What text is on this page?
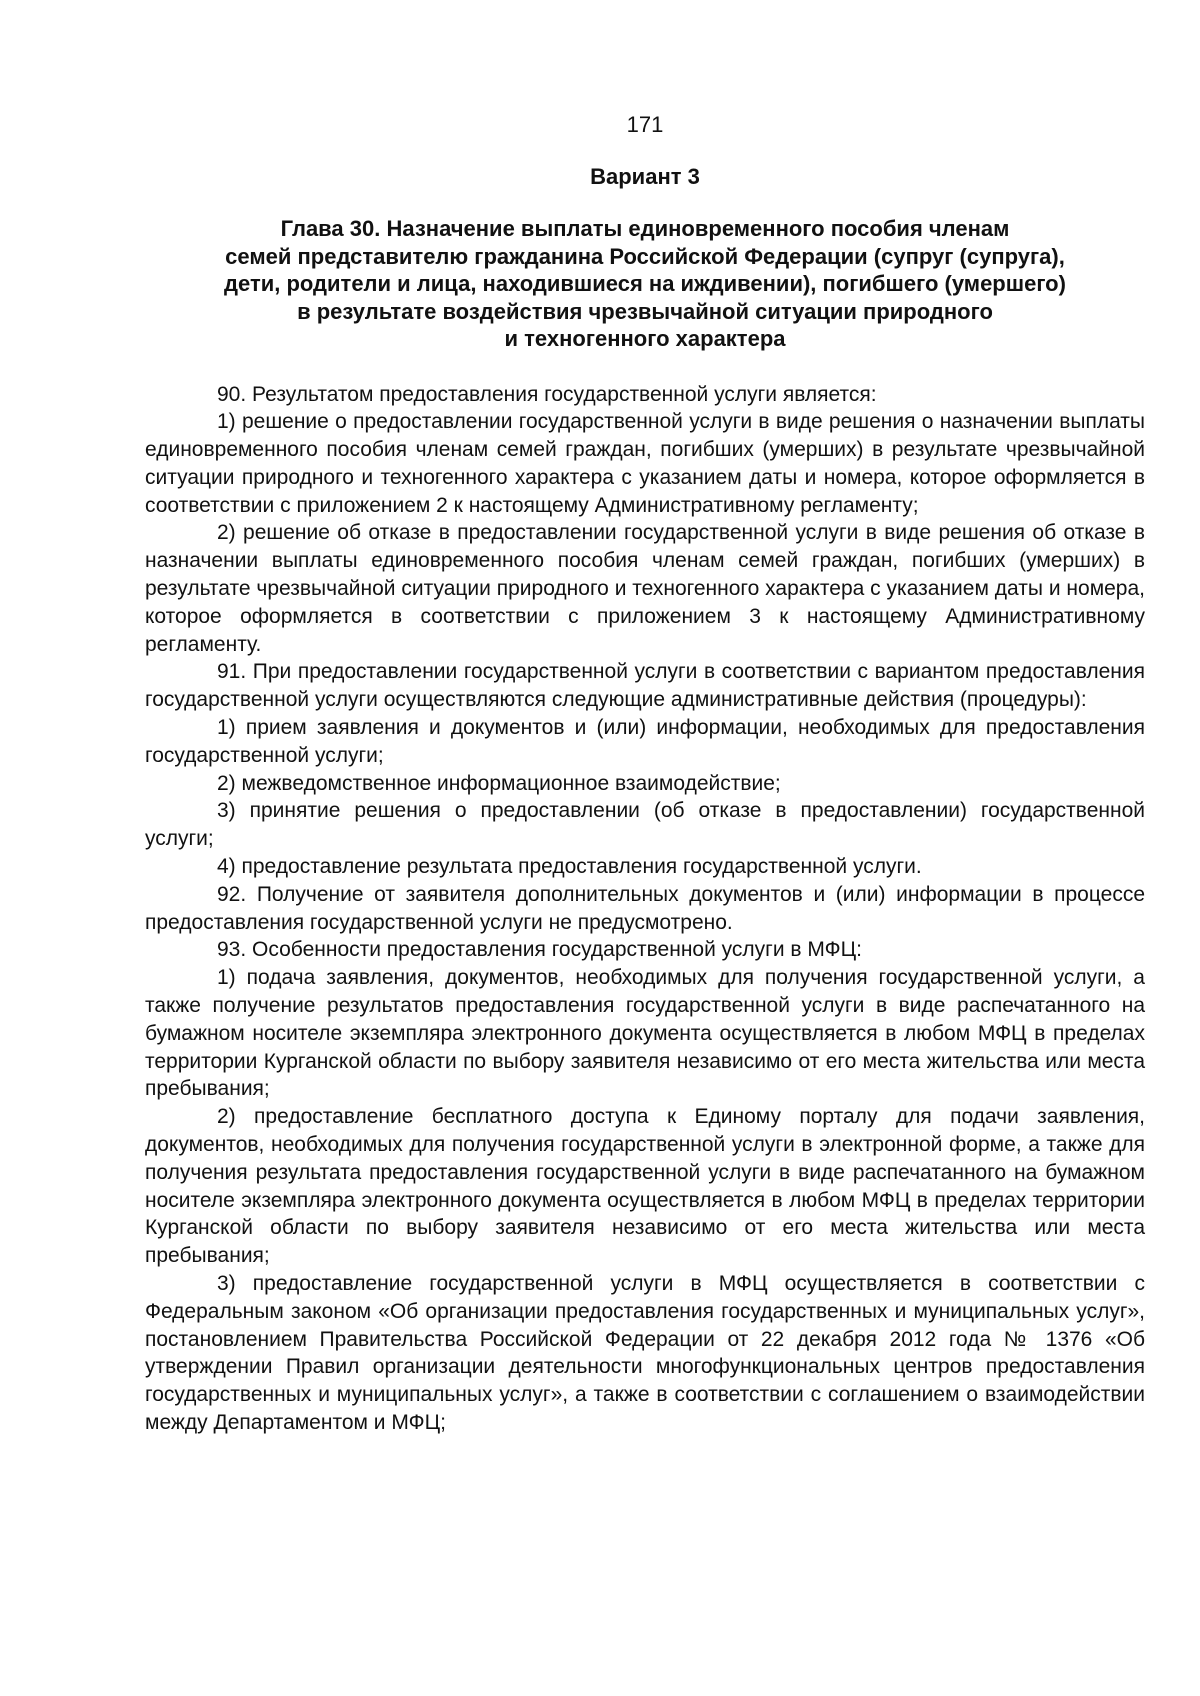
171
Вариант 3
Глава 30. Назначение выплаты единовременного пособия членам
семей представителю гражданина Российской Федерации (супруг (супруга),
дети, родители и лица, находившиеся на иждивении), погибшего (умершего)
в результате воздействия чрезвычайной ситуации природного
и техногенного характера

90. Результатом предоставления государственной услуги является:

1) решение о предоставлении государственной услуги в виде решения о назначении выплаты единовременного пособия членам семей граждан, погибших (умерших) в результате чрезвычайной ситуации природного и техногенного характера с указанием даты и номера, которое оформляется в соответствии с приложением 2 к настоящему Административному регламенту;

2) решение об отказе в предоставлении государственной услуги в виде решения об отказе в назначении выплаты единовременного пособия членам семей граждан, погибших (умерших) в результате чрезвычайной ситуации природного и техногенного характера с указанием даты и номера, которое оформляется в соответствии с приложением 3 к настоящему Административному регламенту.

91. При предоставлении государственной услуги в соответствии с вариантом предоставления государственной услуги осуществляются следующие административные действия (процедуры):

1) прием заявления и документов и (или) информации, необходимых для предоставления государственной услуги;

2) межведомственное информационное взаимодействие;

3) принятие решения о предоставлении (об отказе в предоставлении) государственной услуги;

4) предоставление результата предоставления государственной услуги.

92. Получение от заявителя дополнительных документов и (или) информации в процессе предоставления государственной услуги не предусмотрено.

93. Особенности предоставления государственной услуги в МФЦ:

1) подача заявления, документов, необходимых для получения государственной услуги, а также получение результатов предоставления государственной услуги в виде распечатанного на бумажном носителе экземпляра электронного документа осуществляется в любом МФЦ в пределах территории Курганской области по выбору заявителя независимо от его места жительства или места пребывания;

2) предоставление бесплатного доступа к Единому порталу для подачи заявления, документов, необходимых для получения государственной услуги в электронной форме, а также для получения результата предоставления государственной услуги в виде распечатанного на бумажном носителе экземпляра электронного документа осуществляется в любом МФЦ в пределах территории Курганской области по выбору заявителя независимо от его места жительства или места пребывания;

3) предоставление государственной услуги в МФЦ осуществляется в соответствии с Федеральным законом «Об организации предоставления государственных и муниципальных услуг», постановлением Правительства Российской Федерации от 22 декабря 2012 года № 1376 «Об утверждении Правил организации деятельности многофункциональных центров предоставления государственных и муниципальных услуг», а также в соответствии с соглашением о взаимодействии между Департаментом и МФЦ;
